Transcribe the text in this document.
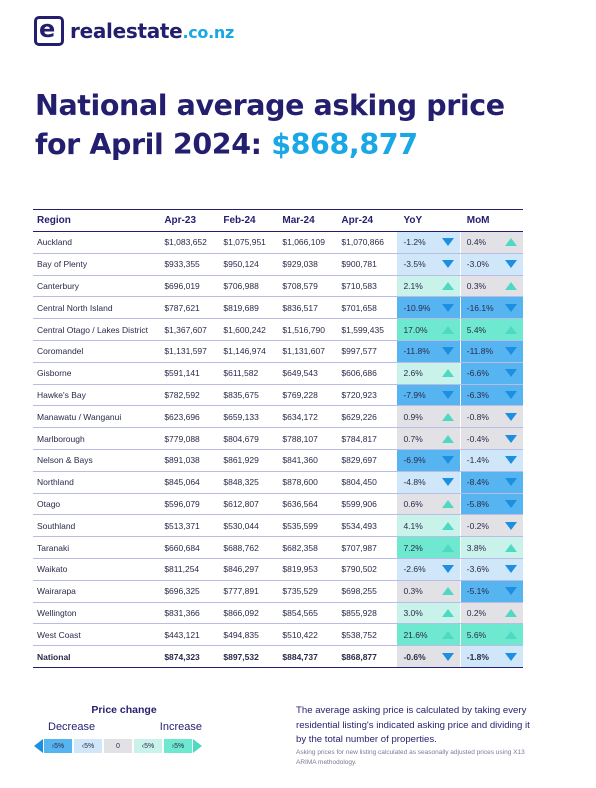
e realestate.co.nz
National average asking price
for April 2024: $868,877
Region	Apr-23	Feb-24	Mar-24	Apr-24	YoY	MoM
Auckland	$1,083,652	$1,075,951	$1,066,109	$1,070,866	-1.2%	0.4%
Bay of Plenty	$933,355	$950,124	$929,038	$900,781	-3.5%	-3.0%
Canterbury	$696,019	$706,988	$708,579	$710,583	2.1%	0.3%
Central North Island	$787,621	$819,689	$836,517	$701,658	-10.9%	-16.1%
Central Otago / Lakes District	$1,367,607	$1,600,242	$1,516,790	$1,599,435	17.0%	5.4%
Coromandel	$1,131,597	$1,146,974	$1,131,607	$997,577	-11.8%	-11.8%
Gisborne	$591,141	$611,582	$649,543	$606,686	2.6%	-6.6%
Hawke's Bay	$782,592	$835,675	$769,228	$720,923	-7.9%	-6.3%
Manawatu / Wanganui	$623,696	$659,133	$634,172	$629,226	0.9%	-0.8%
Marlborough	$779,088	$804,679	$788,107	$784,817	0.7%	-0.4%
Nelson & Bays	$891,038	$861,929	$841,360	$829,697	-6.9%	-1.4%
Northland	$845,064	$848,325	$878,600	$804,450	-4.8%	-8.4%
Otago	$596,079	$612,807	$636,564	$599,906	0.6%	-5.8%
Southland	$513,371	$530,044	$535,599	$534,493	4.1%	-0.2%
Taranaki	$660,684	$688,762	$682,358	$707,987	7.2%	3.8%
Waikato	$811,254	$846,297	$819,953	$790,502	-2.6%	-3.6%
Wairarapa	$696,325	$777,891	$735,529	$698,255	0.3%	-5.1%
Wellington	$831,366	$866,092	$854,565	$855,928	3.0%	0.2%
West Coast	$443,121	$494,835	$510,422	$538,752	21.6%	5.6%
National	$874,323	$897,532	$884,737	$868,877	-0.6%	-1.8%
Price change
Decrease	Increase
›5%	‹5%	0	‹5%	›5%
The average asking price is calculated by taking every residential listing's indicated asking price and dividing it by the total number of properties.
Asking prices for new listing calculated as seasonally adjusted prices using X13 ARIMA methodology.
